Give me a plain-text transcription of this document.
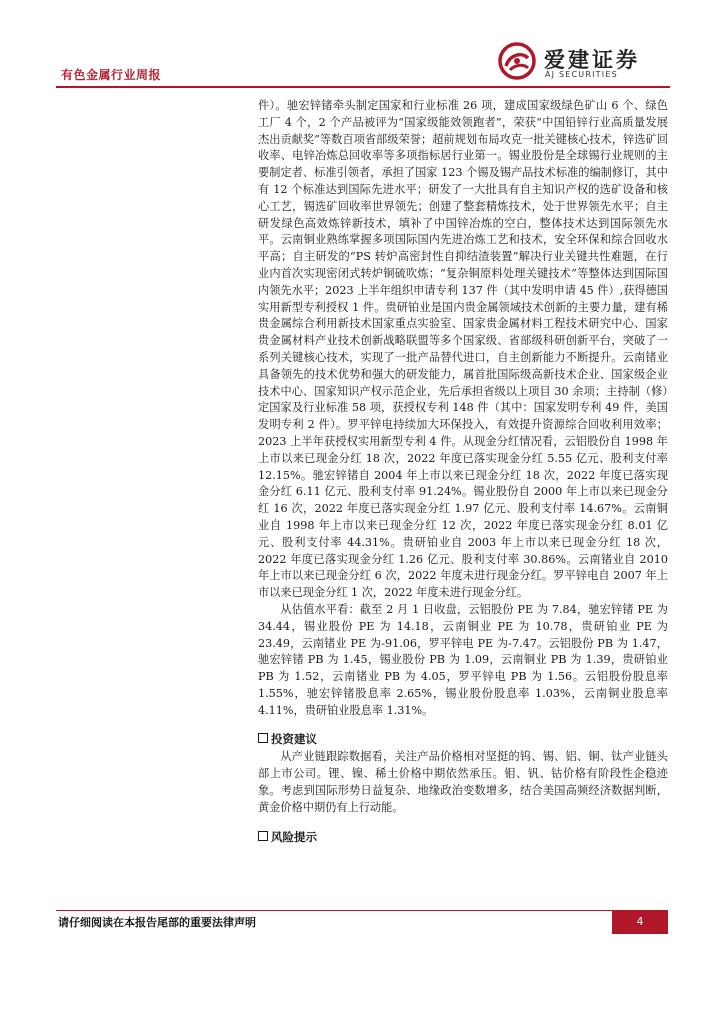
有色金属行业周报
爱建证券
AJ SECURITIES

件）。驰宏锌锗牵头制定国家和行业标准 26 项，建成国家级绿色矿山 6 个、绿色工厂 4 个，2 个产品被评为“国家级能效领跑者”，荣获“中国铅锌行业高质量发展杰出贡献奖”等数百项省部级荣誉；超前规划布局攻克一批关键核心技术，锌选矿回收率、电锌冶炼总回收率等多项指标居行业第一。锡业股份是全球锡行业规则的主要制定者、标准引领者，承担了国家 123 个锡及锡产品技术标准的编制修订，其中有 12 个标准达到国际先进水平；研发了一大批具有自主知识产权的选矿设备和核心工艺，锡选矿回收率世界领先；创建了整套精炼技术，处于世界领先水平；自主研发绿色高效炼锌新技术，填补了中国锌冶炼的空白，整体技术达到国际领先水平。云南铜业熟练掌握多项国际国内先进冶炼工艺和技术，安全环保和综合回收水平高；自主研发的“PS 转炉高密封性自抑结渣装置”解决行业关键共性难题，在行业内首次实现密闭式转炉铜硫吹炼；“复杂铜原料处理关键技术”等整体达到国际国内领先水平；2023 上半年组织申请专利 137 件（其中发明申请 45 件）,获得德国实用新型专利授权 1 件。贵研铂业是国内贵金属领域技术创新的主要力量，建有稀贵金属综合利用新技术国家重点实验室、国家贵金属材料工程技术研究中心、国家贵金属材料产业技术创新战略联盟等多个国家级、省部级科研创新平台，突破了一系列关键核心技术，实现了一批产品替代进口，自主创新能力不断提升。云南锗业具备领先的技术优势和强大的研发能力，属首批国际级高新技术企业、国家级企业技术中心、国家知识产权示范企业，先后承担省级以上项目 30 余项；主持制（修）定国家及行业标准 58 项，获授权专利 148 件（其中：国家发明专利 49 件，美国发明专利 2 件）。罗平锌电持续加大环保投入，有效提升资源综合回收利用效率；2023 上半年获授权实用新型专利 4 件。从现金分红情况看，云铝股份自 1998 年上市以来已现金分红 18 次，2022 年度已落实现金分红 5.55 亿元、股利支付率 12.15%。驰宏锌锗自 2004 年上市以来已现金分红 18 次，2022 年度已落实现金分红 6.11 亿元、股利支付率 91.24%。锡业股份自 2000 年上市以来已现金分红 16 次，2022 年度已落实现金分红 1.97 亿元、股利支付率 14.67%。云南铜业自 1998 年上市以来已现金分红 12 次，2022 年度已落实现金分红 8.01 亿元、股利支付率 44.31%。贵研铂业自 2003 年上市以来已现金分红 18 次，2022 年度已落实现金分红 1.26 亿元、股利支付率 30.86%。云南锗业自 2010 年上市以来已现金分红 6 次，2022 年度未进行现金分红。罗平锌电自 2007 年上市以来已现金分红 1 次，2022 年度未进行现金分红。

从估值水平看：截至 2 月 1 日收盘，云铝股份 PE 为 7.84，驰宏锌锗 PE 为 34.44，锡业股份 PE 为 14.18，云南铜业 PE 为 10.78，贵研铂业 PE 为 23.49，云南锗业 PE 为-91.06，罗平锌电 PE 为-7.47。云铝股份 PB 为 1.47，驰宏锌锗 PB 为 1.45，锡业股份 PB 为 1.09，云南铜业 PB 为 1.39，贵研铂业 PB 为 1.52，云南锗业 PB 为 4.05，罗平锌电 PB 为 1.56。云铝股份股息率 1.55%，驰宏锌锗股息率 2.65%，锡业股份股息率 1.03%，云南铜业股息率 4.11%，贵研铂业股息率 1.31%。

投资建议

从产业链跟踪数据看，关注产品价格相对坚挺的钨、锡、铝、铜、钛产业链头部上市公司。锂、镍、稀土价格中期依然承压。钼、钒、钴价格有阶段性企稳迹象。考虑到国际形势日益复杂、地缘政治变数增多，结合美国高频经济数据判断，黄金价格中期仍有上行动能。

风险提示

请仔细阅读在本报告尾部的重要法律声明	4
